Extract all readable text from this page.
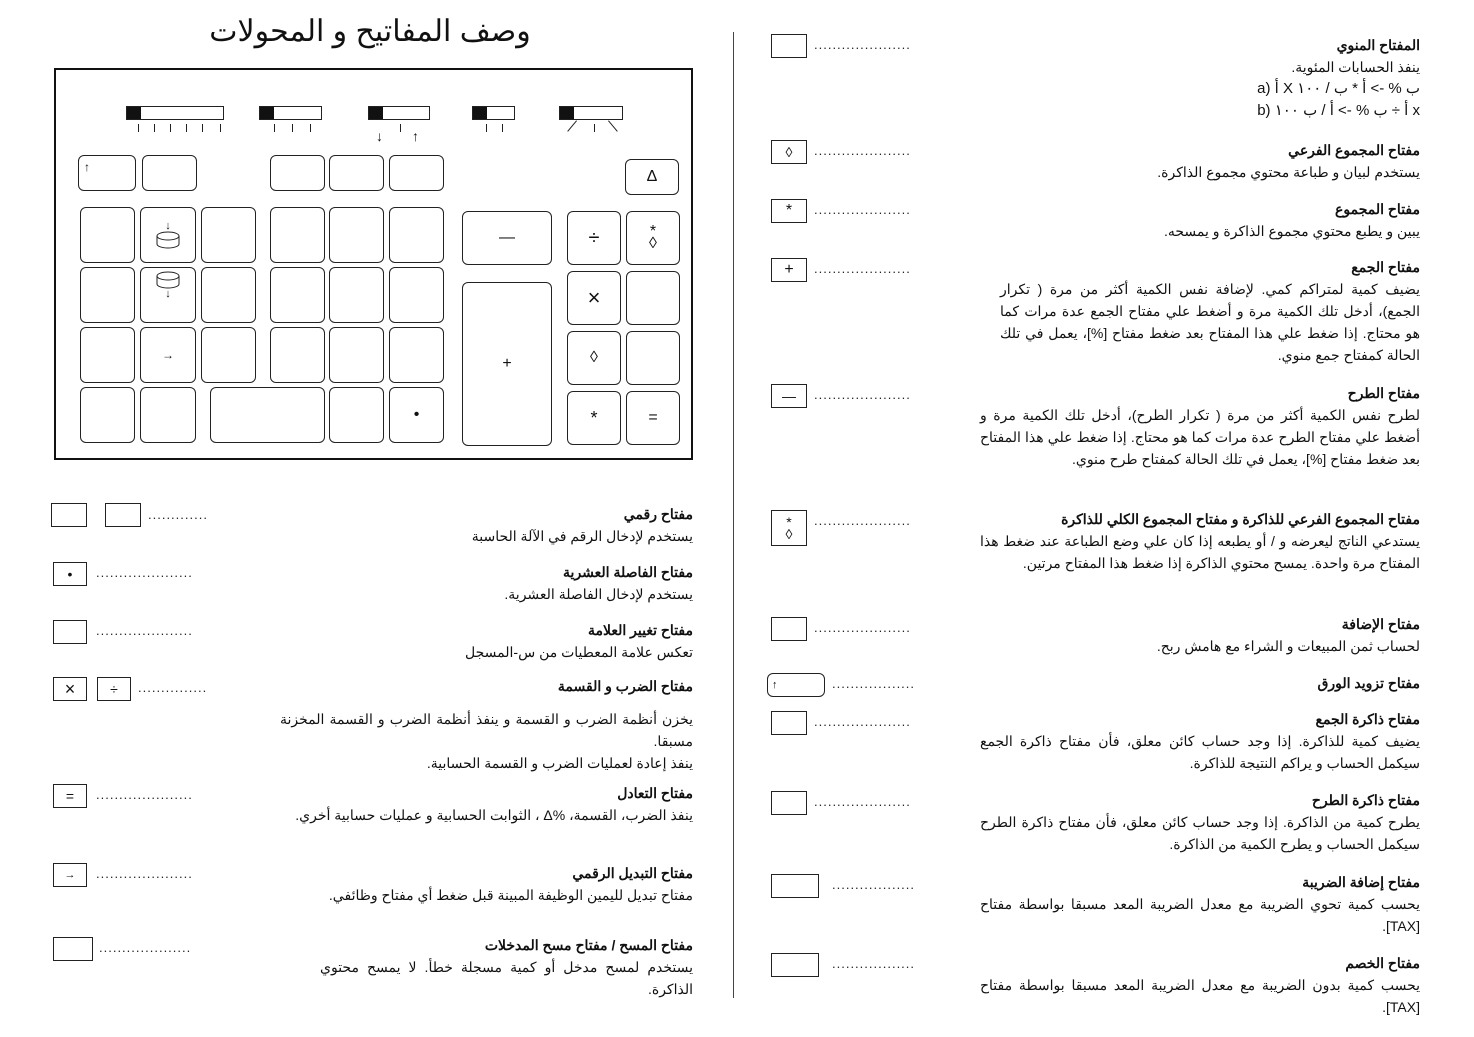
وصف المفاتيح و المحولات
↓ ↑
↑
Δ
↓
—	÷	*
◊
↓
+
×
→	◊
•	*	=
.............	مفتاح رقمي
يستخدم لإدخال الرقم في الآلة الحاسبة
•	.....................	مفتاح الفاصلة العشرية
يستخدم لإدخال الفاصلة العشرية.
.....................	مفتاح تغيير العلامة
تعكس علامة المعطيات من س-المسجل
×	÷	...............	مفتاح الضرب و القسمة
يخزن أنظمة الضرب و القسمة و ينفذ أنظمة الضرب و القسمة المخزنة مسبقا.
ينفذ إعادة لعمليات الضرب و القسمة الحسابية.
=	.....................	مفتاح التعادل
ينفذ الضرب، القسمة، %Δ ، الثوابت الحسابية و عمليات حسابية أخري.
→	.....................	مفتاح التبديل الرقمي
مفتاح تبديل لليمين الوظيفة المبينة قبل ضغط أي مفتاح وظائفي.
....................	مفتاح المسح / مفتاح مسح المدخلات
يستخدم لمسح مدخل أو كمية مسجلة خطأ. لا يمسح محتوي الذاكرة.
.....................	المفتاح المنوي
ينفذ الحسابات المئوية.
a) أ X ب % -> أ * ب / ١٠٠
b) أ ÷ ب % -> أ / ب ١٠٠ x
◊	.....................	مفتاح المجموع الفرعي
يستخدم لبيان و طباعة محتوي مجموع الذاكرة.
*	.....................	مفتاح المجموع
يبين و يطبع محتوي مجموع الذاكرة و يمسحه.
+	.....................	مفتاح الجمع
يضيف كمية لمتراكم كمي. لإضافة نفس الكمية أكثر من مرة ( تكرار الجمع)، أدخل تلك الكمية مرة و أضغط علي مفتاح الجمع عدة مرات كما هو محتاج. إذا ضغط علي هذا المفتاح بعد ضغط مفتاح [%]، يعمل في تلك الحالة كمفتاح جمع منوي.
—	.....................	مفتاح الطرح
لطرح نفس الكمية أكثر من مرة ( تكرار الطرح)، أدخل تلك الكمية مرة و أضغط علي مفتاح الطرح عدة مرات كما هو محتاج. إذا ضغط علي هذا المفتاح بعد ضغط مفتاح [%]، يعمل في تلك الحالة كمفتاح طرح منوي.
*
◊
.....................	مفتاح المجموع الفرعي للذاكرة و مفتاح المجموع الكلي للذاكرة
يستدعي الناتج ليعرضه و / أو يطبعه إذا كان علي وضع الطباعة عند ضغط هذا المفتاح مرة واحدة. يمسح محتوي الذاكرة إذا ضغط هذا المفتاح مرتين.
.....................	مفتاح الإضافة
لحساب ثمن المبيعات و الشراء مع هامش ربح.
↑	..................	مفتاح تزويد الورق
.....................	مفتاح ذاكرة الجمع
يضيف كمية للذاكرة. إذا وجد حساب كائن معلق، فأن مفتاح ذاكرة الجمع سيكمل الحساب و يراكم النتيجة للذاكرة.
.....................	مفتاح ذاكرة الطرح
يطرح كمية من الذاكرة. إذا وجد حساب كائن معلق، فأن مفتاح ذاكرة الطرح سيكمل الحساب و يطرح الكمية من الذاكرة.
..................	مفتاح إضافة الضريبة
يحسب كمية تحوي الضريبة مع معدل الضريبة المعد مسبقا بواسطة مفتاح [TAX].
..................	مفتاح الخصم
يحسب كمية بدون الضريبة مع معدل الضريبة المعد مسبقا بواسطة مفتاح [TAX].
